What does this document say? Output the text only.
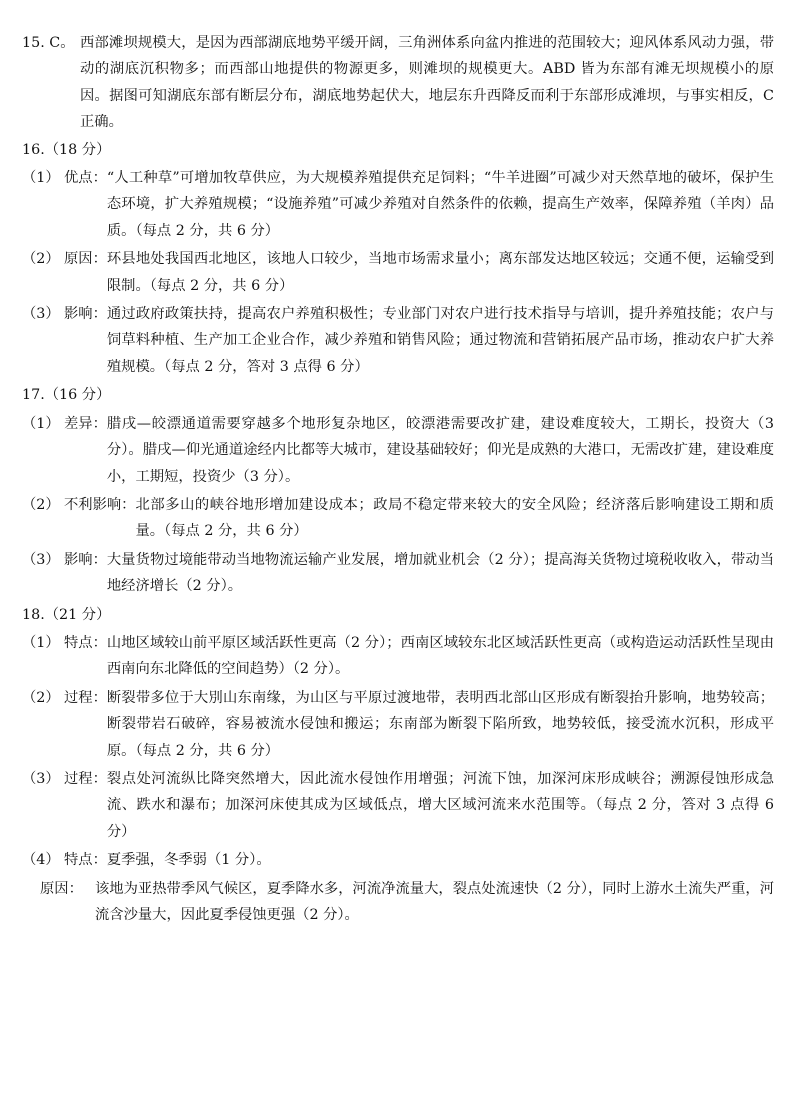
15. C。 西部滩坝规模大，是因为西部湖底地势平缓开阔，三角洲体系向盆内推进的范围较大；迎风体系风动力强，带动的湖底沉积物多；而西部山地提供的物源更多，则滩坝的规模更大。ABD 皆为东部有滩无坝规模小的原因。据图可知湖底东部有断层分布，湖底地势起伏大，地层东升西降反而利于东部形成滩坝，与事实相反，C 正确。
16.（18 分）
（1） 优点： “人工种草”可增加牧草供应，为大规模养殖提供充足饲料；“牛羊进圈”可减少对天然草地的破坏，保护生态环境，扩大养殖规模；“设施养殖”可减少养殖对自然条件的依赖，提高生产效率，保障养殖（羊肉）品质。（每点 2 分，共 6 分）
（2） 原因： 环县地处我国西北地区，该地人口较少，当地市场需求量小；离东部发达地区较远；交通不便，运输受到限制。（每点 2 分，共 6 分）
（3） 影响： 通过政府政策扶持，提高农户养殖积极性；专业部门对农户进行技术指导与培训，提升养殖技能；农户与饲草料种植、生产加工企业合作，减少养殖和销售风险；通过物流和营销拓展产品市场，推动农户扩大养殖规模。（每点 2 分，答对 3 点得 6 分）
17.（16 分）
（1） 差异： 腊戌—皎漂通道需要穿越多个地形复杂地区，皎漂港需要改扩建，建设难度较大，工期长，投资大（3 分）。腊戌—仰光通道途经内比都等大城市，建设基础较好；仰光是成熟的大港口，无需改扩建，建设难度小，工期短，投资少（3 分）。
（2） 不利影响： 北部多山的峡谷地形增加建设成本；政局不稳定带来较大的安全风险；经济落后影响建设工期和质量。（每点 2 分，共 6 分）
（3） 影响： 大量货物过境能带动当地物流运输产业发展，增加就业机会（2 分）；提高海关货物过境税收收入，带动当地经济增长（2 分）。
18.（21 分）
（1） 特点： 山地区域较山前平原区域活跃性更高（2 分）；西南区域较东北区域活跃性更高（或构造运动活跃性呈现由西南向东北降低的空间趋势）（2 分）。
（2） 过程： 断裂带多位于大別山东南缘，为山区与平原过渡地带，表明西北部山区形成有断裂抬升影响，地势较高；断裂带岩石破碎，容易被流水侵蚀和搬运；东南部为断裂下陷所致，地势较低，接受流水沉积，形成平原。（每点 2 分，共 6 分）
（3） 过程： 裂点处河流纵比降突然增大，因此流水侵蚀作用增强；河流下蚀，加深河床形成峡谷；溯源侵蚀形成急流、跌水和瀑布；加深河床使其成为区域低点，增大区域河流来水范围等。（每点 2 分，答对 3 点得 6 分）
（4） 特点： 夏季强，冬季弱（1 分）。
原因： 该地为亚热带季风气候区，夏季降水多，河流净流量大，裂点处流速快（2 分），同时上游水土流失严重，河流含沙量大，因此夏季侵蚀更强（2 分）。
